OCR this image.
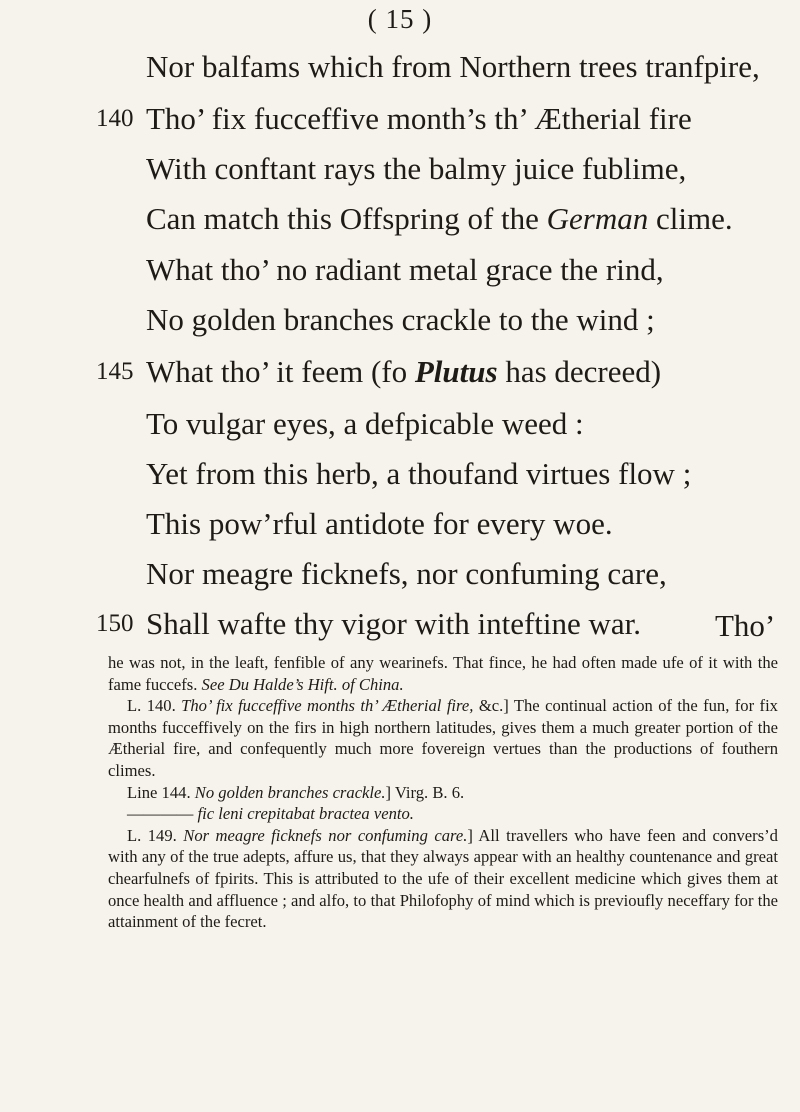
( 15 )
Nor balfams which from Northern trees tranfpire,
140 Tho’ fix fucceffive month’s th’ Ætherial fire
With conftant rays the balmy juice fublime,
Can match this Offspring of the German clime.
What tho’ no radiant metal grace the rind,
No golden branches crackle to the wind ;
145 What tho’ it feem (fo Plutus has decreed)
To vulgar eyes, a defpicable weed :
Yet from this herb, a thoufand virtues flow ;
This pow’rful antidote for every woe.
Nor meagre ficknefs, nor confuming care,
150 Shall wafte thy vigor with inteftine war. Tho’

he was not, in the leaft, fenfible of any wearinefs. That fince, he had often made ufe of it with the fame fuccefs. See Du Halde’s Hift. of China.

L. 140. Tho’ fix fucceffive months th’ Ætherial fire, &c.] The continual action of the fun, for fix months fucceffively on the firs in high northern latitudes, gives them a much greater portion of the Ætherial fire, and confequently much more fovereign vertues than the productions of fouthern climes.

Line 144. No golden branches crackle.] Virg. B. 6.

———— fic leni crepitabat bractea vento.

L. 149. Nor meagre ficknefs nor confuming care.] All travellers who have feen and convers’d with any of the true adepts, affure us, that they always appear with an healthy countenance and great chearfulnefs of fpirits. This is attributed to the ufe of their excellent medicine which gives them at once health and affluence ; and alfo, to that Philofophy of mind which is previoufly neceffary for the attainment of the fecret.
